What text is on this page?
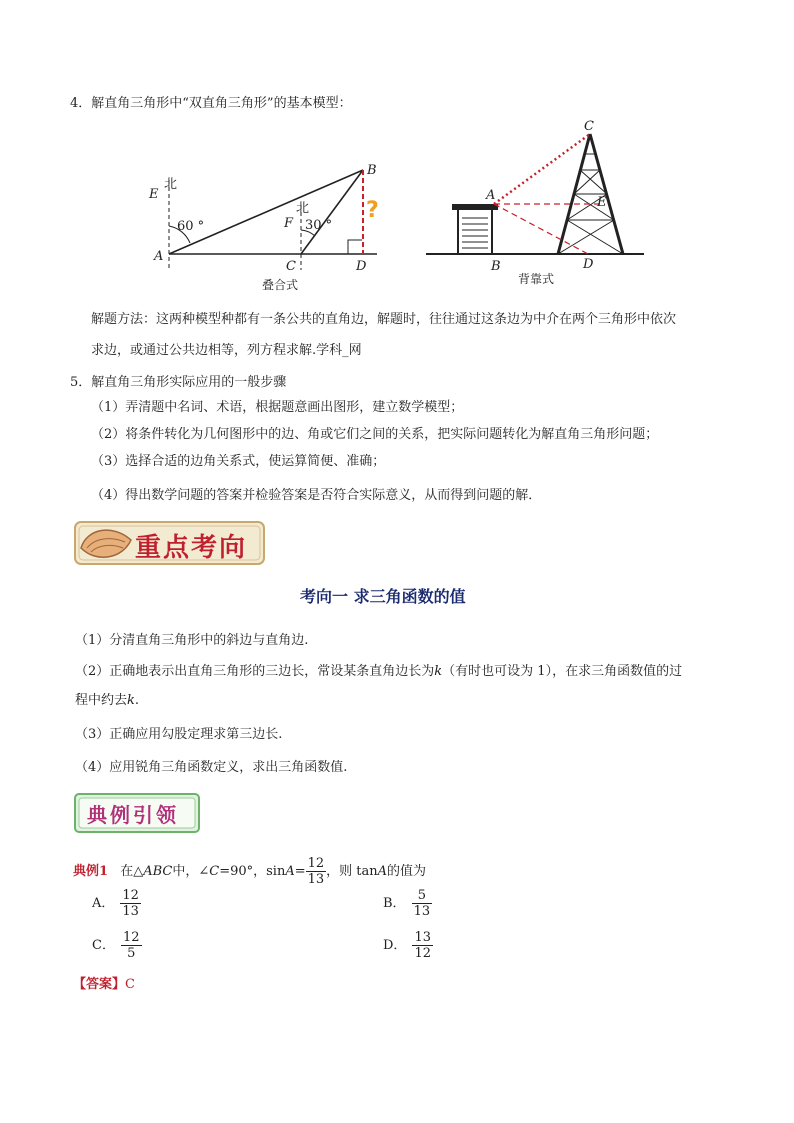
4．解直角三角形中“双直角三角形”的基本模型：
E
北
60 °
A
F
北
30 °
B
C	D
?
叠合式
C
A	E
B	D
背靠式
解题方法：这两种模型种都有一条公共的直角边，解题时，往往通过这条边为中介在两个三角形中依次
求边，或通过公共边相等，列方程求解.学科_网
5．解直角三角形实际应用的一般步骤
（1）弄清题中名词、术语，根据题意画出图形，建立数学模型；
（2）将条件转化为几何图形中的边、角或它们之间的关系，把实际问题转化为解直角三角形问题；
（3）选择合适的边角关系式，使运算简便、准确；
（4）得出数学问题的答案并检验答案是否符合实际意义，从而得到问题的解．
重点考向
考向一 求三角函数的值
（1）分清直角三角形中的斜边与直角边.
（2）正确地表示出直角三角形的三边长，常设某条直角边长为k（有时也可设为 1），在求三角函数值的过
程中约去k.
（3）正确应用勾股定理求第三边长.
（4）应用锐角三角函数定义，求出三角函数值.
典例引领
典例1 在△ABC中，∠C=90°，$\sin A= \frac{12}{13}$ ，则 tanA的值为
A． $\frac{12}{13}$	B． $\frac{5}{13}$
C． $\frac{12}{5}$	D． $\frac{13}{12}$
【答案】C
